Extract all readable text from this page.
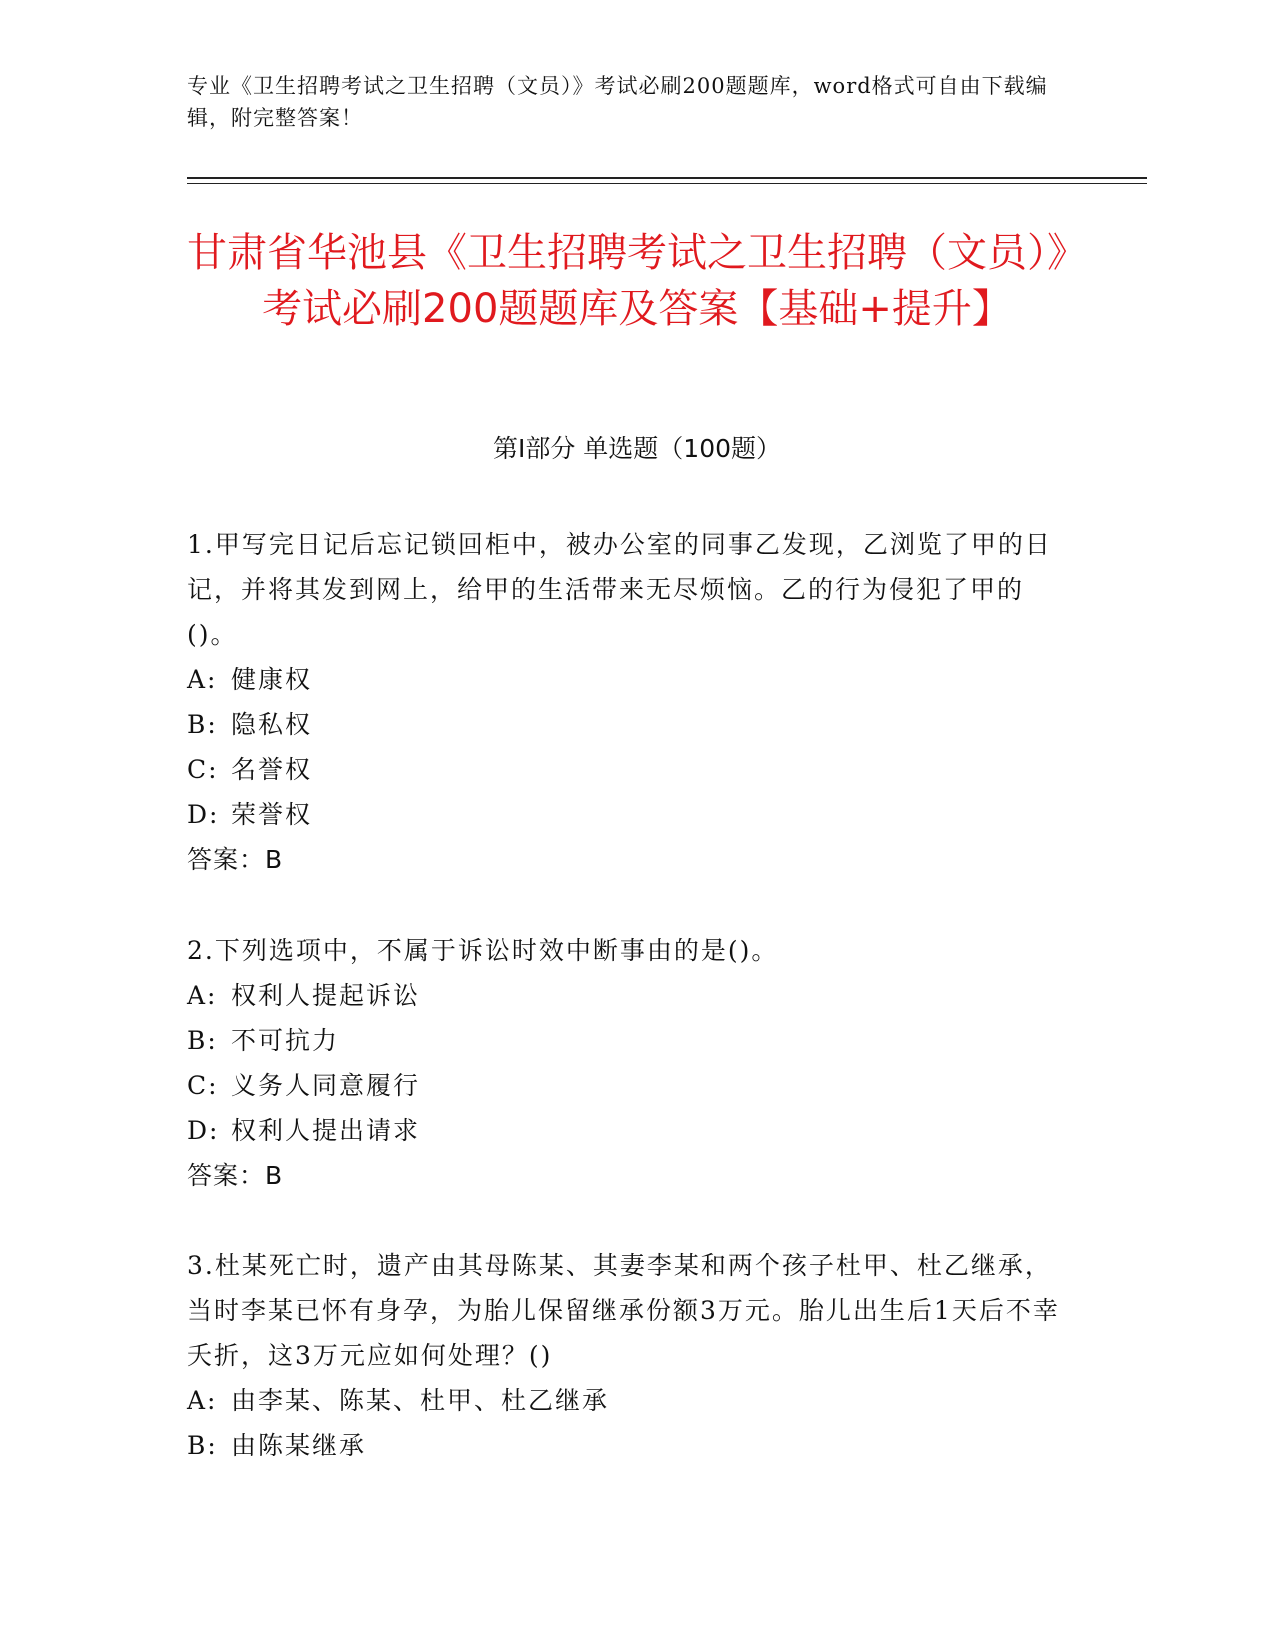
专业《卫生招聘考试之卫生招聘（文员）》考试必刷200题题库，word格式可自由下载编辑，附完整答案！
甘肃省华池县《卫生招聘考试之卫生招聘（文员）》考试必刷200题题库及答案【基础+提升】
第Ⅰ部分 单选题（100题）
1.甲写完日记后忘记锁回柜中，被办公室的同事乙发现，乙浏览了甲的日记，并将其发到网上，给甲的生活带来无尽烦恼。乙的行为侵犯了甲的()。
A: 健康权
B: 隐私权
C: 名誉权
D: 荣誉权
答案：B
2.下列选项中，不属于诉讼时效中断事由的是()。
A: 权利人提起诉讼
B: 不可抗力
C: 义务人同意履行
D: 权利人提出请求
答案：B
3.杜某死亡时，遗产由其母陈某、其妻李某和两个孩子杜甲、杜乙继承，当时李某已怀有身孕，为胎儿保留继承份额3万元。胎儿出生后1天后不幸夭折，这3万元应如何处理？()
A: 由李某、陈某、杜甲、杜乙继承
B: 由陈某继承
